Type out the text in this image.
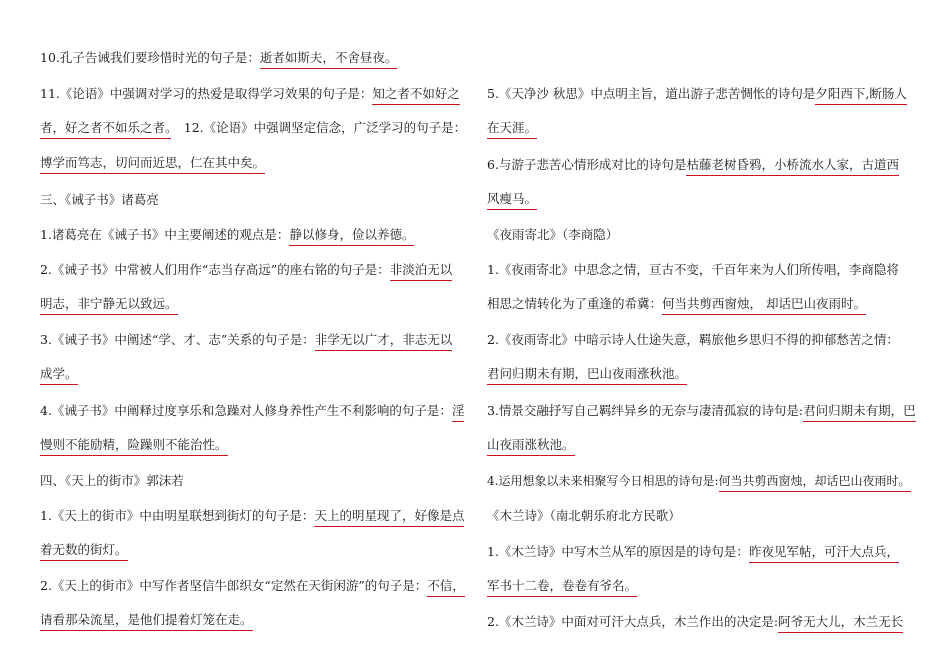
10.孔子告诫我们要珍惜时光的句子是：逝者如斯夫，不舍昼夜。
11.《论语》中强调对学习的热爱是取得学习效果的句子是：知之者不如好之
者，好之者不如乐之者。　 12.《论语》中强调坚定信念，广泛学习的句子是：
博学而笃志，切问而近思，仁在其中矣。
三、《诫子书》诸葛亮
1.诸葛亮在《诫子书》中主要阐述的观点是：静以修身，俭以养德。
2.《诫子书》中常被人们用作“志当存高远”的座右铭的句子是：非淡泊无以
明志，非宁静无以致远。
3.《诫子书》中阐述“学、才、志”关系的句子是：非学无以广才，非志无以
成学。
4.《诫子书》中阐释过度享乐和急躁对人修身养性产生不利影响的句子是：淫
慢则不能励精，险躁则不能治性。
四、《天上的街市》郭沫若
1.《天上的街市》中由明星联想到街灯的句子是：天上的明星现了，好像是点
着无数的街灯。
2.《天上的街市》中写作者坚信牛郎织女“定然在天街闲游”的句子是：不信，
请看那朵流星，是他们提着灯笼在走。
5.《天净沙 秋思》中点明主旨，道出游子悲苦惆怅的诗句是夕阳西下,断肠人
在天涯。
6.与游子悲苦心情形成对比的诗句是枯藤老树昏鸦，小桥流水人家，古道西
风瘦马。
《夜雨寄北》（李商隐）
1.《夜雨寄北》中思念之情，亘古不变，千百年来为人们所传唱，李商隐将
相思之情转化为了重逢的希冀：何当共剪西窗烛， 却话巴山夜雨时。
2.《夜雨寄北》中暗示诗人仕途失意，羁旅他乡思归不得的抑郁愁苦之情：
君问归期未有期，巴山夜雨涨秋池。
3.情景交融抒写自己羁绊异乡的无奈与凄清孤寂的诗句是:君问归期未有期，巴
山夜雨涨秋池。
4.运用想象以未来相聚写今日相思的诗句是:何当共剪西窗烛，却话巴山夜雨时。
《木兰诗》（南北朝乐府北方民歌）
1.《木兰诗》中写木兰从军的原因是的诗句是：昨夜见军帖，可汗大点兵，
军书十二卷，卷卷有爷名。
2.《木兰诗》中面对可汗大点兵，木兰作出的决定是:阿爷无大儿，木兰无长
